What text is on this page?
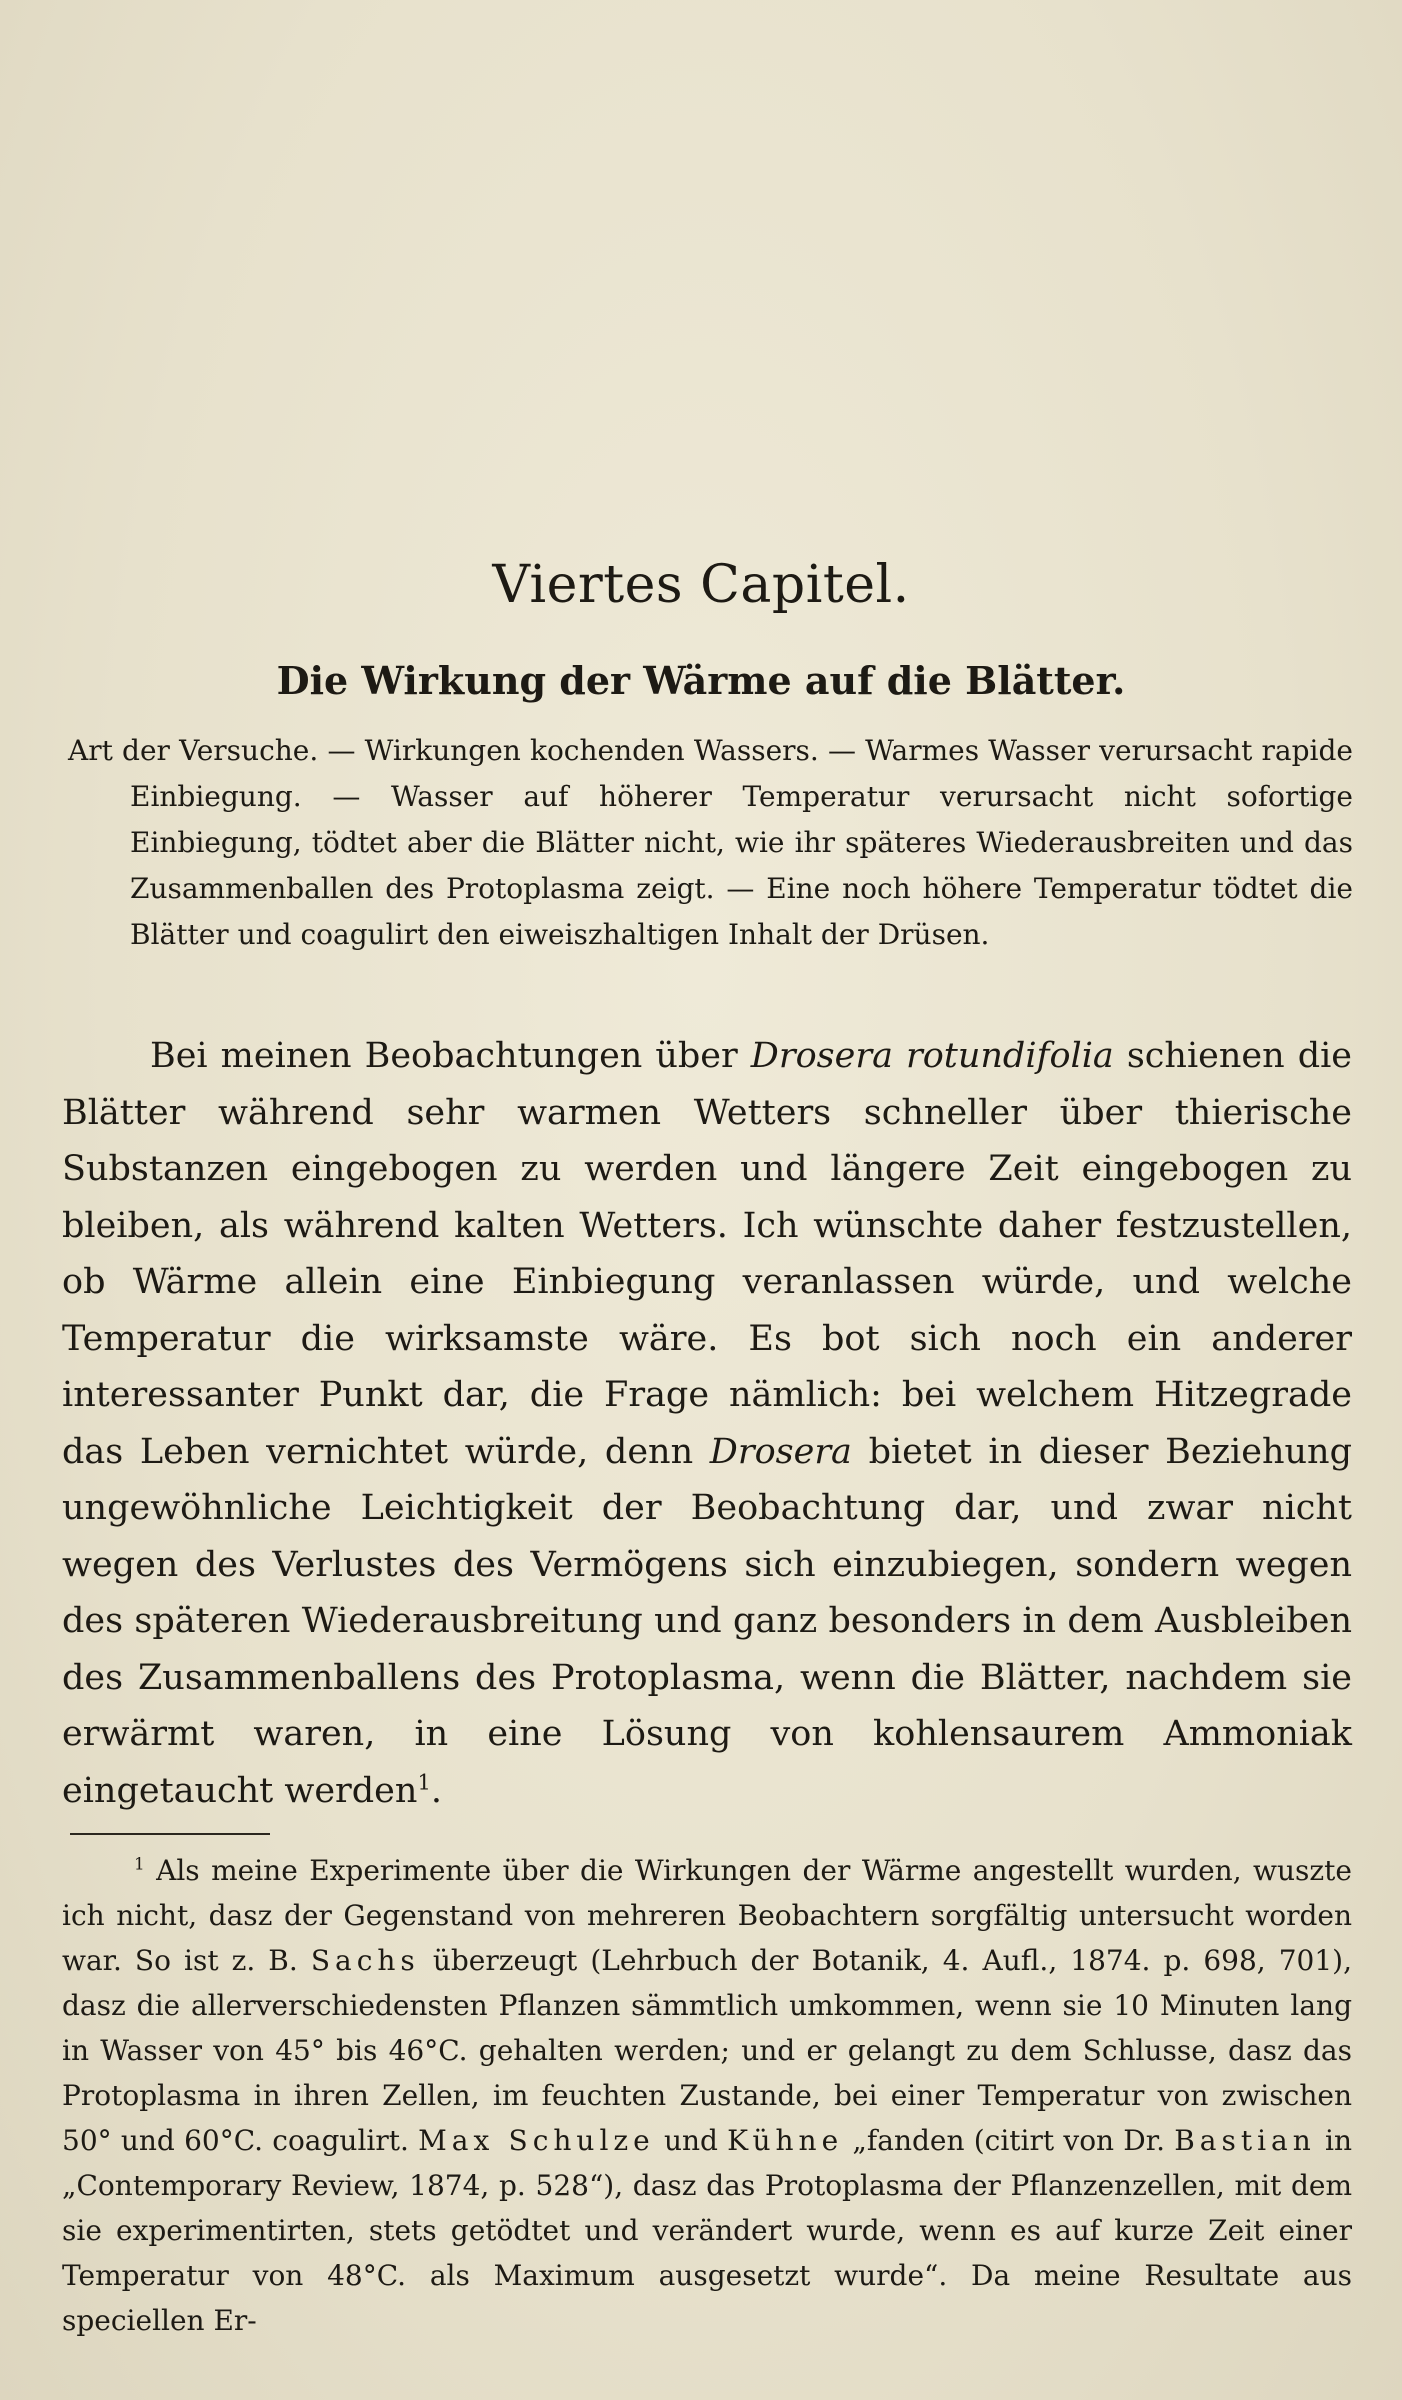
Viertes Capitel.
Die Wirkung der Wärme auf die Blätter.

Art der Versuche. — Wirkungen kochenden Wassers. — Warmes Wasser verursacht rapide Einbiegung. — Wasser auf höherer Temperatur verursacht nicht sofortige Einbiegung, tödtet aber die Blätter nicht, wie ihr späteres Wiederausbreiten und das Zusammenballen des Protoplasma zeigt. — Eine noch höhere Temperatur tödtet die Blätter und coagulirt den eiweiszhaltigen Inhalt der Drüsen.

Bei meinen Beobachtungen über Drosera rotundifolia schienen die Blätter während sehr warmen Wetters schneller über thierische Substanzen eingebogen zu werden und längere Zeit eingebogen zu bleiben, als während kalten Wetters. Ich wünschte daher festzustellen, ob Wärme allein eine Einbiegung veranlassen würde, und welche Temperatur die wirksamste wäre. Es bot sich noch ein anderer interessanter Punkt dar, die Frage nämlich: bei welchem Hitzegrade das Leben vernichtet würde, denn Drosera bietet in dieser Beziehung ungewöhnliche Leichtigkeit der Beobachtung dar, und zwar nicht wegen des Verlustes des Vermögens sich einzubiegen, sondern wegen des späteren Wiederausbreitung und ganz besonders in dem Ausbleiben des Zusammenballens des Protoplasma, wenn die Blätter, nachdem sie erwärmt waren, in eine Lösung von kohlensaurem Ammoniak eingetaucht werden$^1$.

$^1$ Als meine Experimente über die Wirkungen der Wärme angestellt wurden, wuszte ich nicht, dasz der Gegenstand von mehreren Beobachtern sorgfältig untersucht worden war. So ist z. B. Sachs überzeugt (Lehrbuch der Botanik, 4. Aufl., 1874. p. 698, 701), dasz die allerverschiedensten Pflanzen sämmtlich umkommen, wenn sie 10 Minuten lang in Wasser von 45° bis 46°C. gehalten werden; und er gelangt zu dem Schlusse, dasz das Protoplasma in ihren Zellen, im feuchten Zustande, bei einer Temperatur von zwischen 50° und 60°C. coagulirt. Max Schulze und Kühne „fanden (citirt von Dr. Bastian in „Contemporary Review, 1874, p. 528“), dasz das Protoplasma der Pflanzenzellen, mit dem sie experimentirten, stets getödtet und verändert wurde, wenn es auf kurze Zeit einer Temperatur von 48°C. als Maximum ausgesetzt wurde“. Da meine Resultate aus speciellen Er-
